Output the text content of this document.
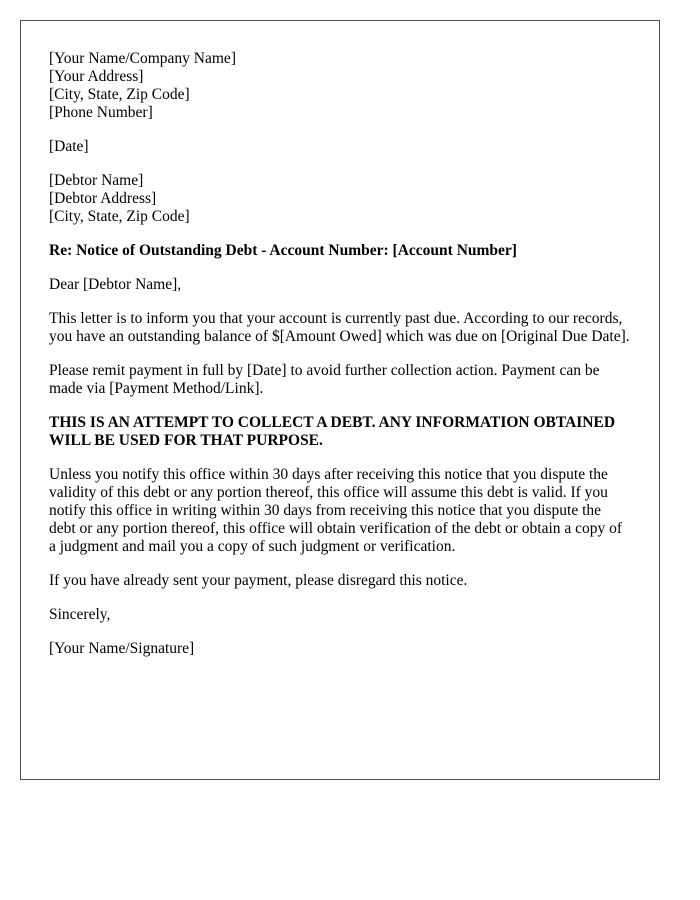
[Your Name/Company Name]
[Your Address]
[City, State, Zip Code]
[Phone Number]

[Date]

[Debtor Name]
[Debtor Address]
[City, State, Zip Code]

Re: Notice of Outstanding Debt - Account Number: [Account Number]

Dear [Debtor Name],

This letter is to inform you that your account is currently past due. According to our records, you have an outstanding balance of $[Amount Owed] which was due on [Original Due Date].

Please remit payment in full by [Date] to avoid further collection action. Payment can be made via [Payment Method/Link].

THIS IS AN ATTEMPT TO COLLECT A DEBT. ANY INFORMATION OBTAINED WILL BE USED FOR THAT PURPOSE.

Unless you notify this office within 30 days after receiving this notice that you dispute the validity of this debt or any portion thereof, this office will assume this debt is valid. If you notify this office in writing within 30 days from receiving this notice that you dispute the debt or any portion thereof, this office will obtain verification of the debt or obtain a copy of a judgment and mail you a copy of such judgment or verification.

If you have already sent your payment, please disregard this notice.

Sincerely,

[Your Name/Signature]
